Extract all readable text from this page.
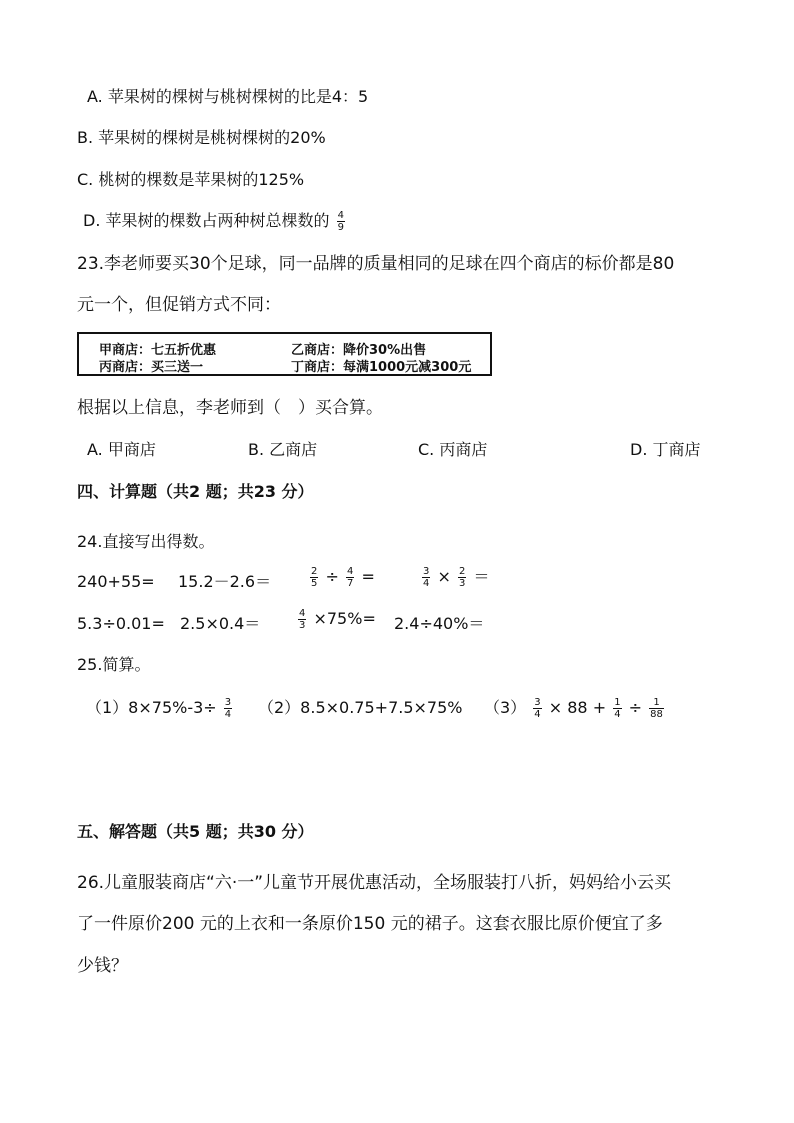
A. 苹果树的棵树与桃树棵树的比是4：5
B. 苹果树的棵树是桃树棵树的20%
C. 桃树的棵数是苹果树的125%
D. 苹果树的棵数占两种树总棵数的 $\frac{4}{9}$
23.李老师要买30个足球，同一品牌的质量相同的足球在四个商店的标价都是80
元一个，但促销方式不同：
甲商店：七五折优惠	乙商店：降价30%出售
丙商店：买三送一	丁商店：每满1000元减300元
根据以上信息，李老师到（　）买合算。
A. 甲商店	B. 乙商店	C. 丙商店	D. 丁商店
四、计算题（共2 题；共23 分）
24.直接写出得数。
240+55= 15.2－2.6＝	$\frac{2}{5} \div \frac{4}{7}$ =	$\frac{3}{4} \times \frac{2}{3}$ ＝
5.3÷0.01= 2.5×0.4＝	$\frac{4}{3} \times 75\%= 2.4\div 40\%=$
25.简算。
$(1)8\times 75\%-3\div \frac{3}{4} (2)8.5\times 0.75+7.5\times 75\%$ $(3) \frac{3}{4} \times 88 + \frac{1}{4} \div \frac{1}{88}$
五、解答题（共5 题；共30 分）
26.儿童服装商店“六·一”儿童节开展优惠活动，全场服装打八折，妈妈给小云买
了一件原价200 元的上衣和一条原价150 元的裙子。这套衣服比原价便宜了多
少钱？
